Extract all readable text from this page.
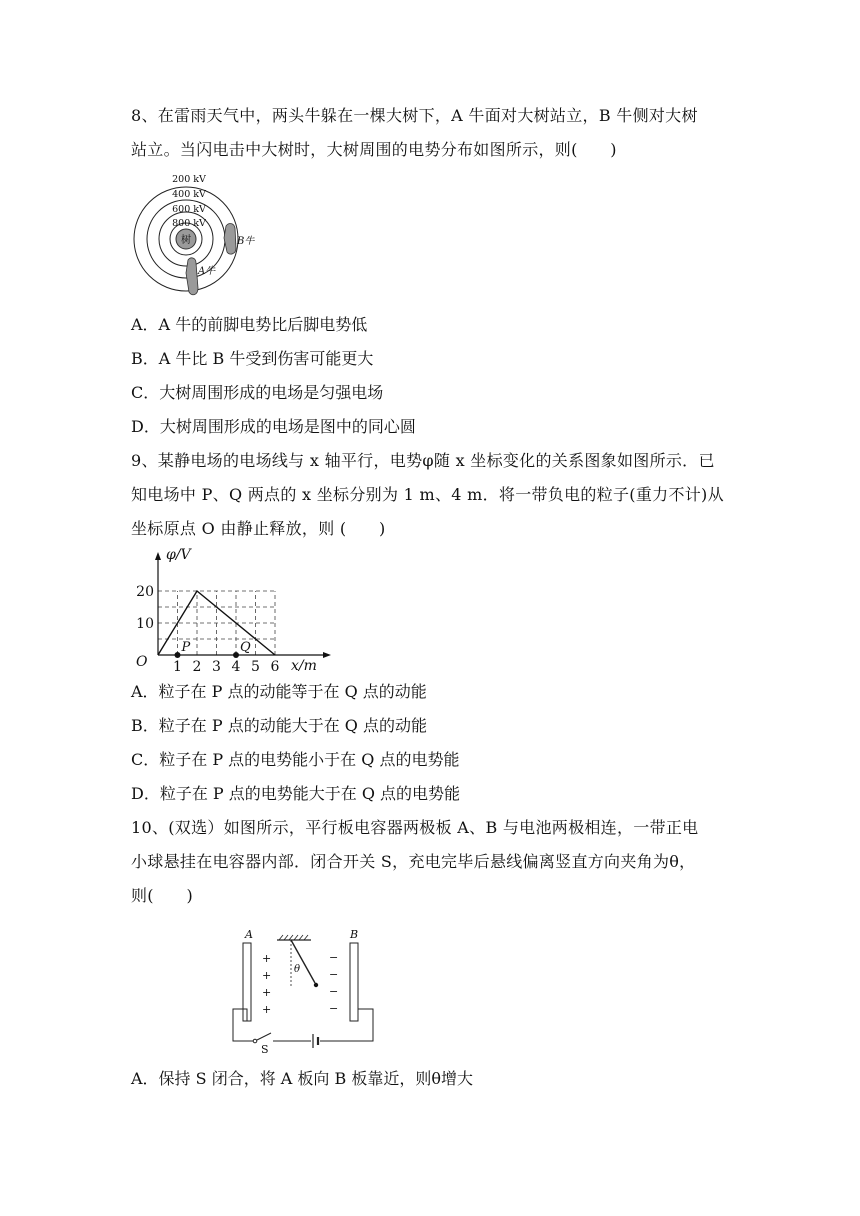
8、在雷雨天气中，两头牛躲在一棵大树下，A 牛面对大树站立，B 牛侧对大树
站立。当闪电击中大树时，大树周围的电势分布如图所示，则(　　)
树
200 kV
400 kV
600 kV
800 kV
B牛
A牛
A．A 牛的前脚电势比后脚电势低
B．A 牛比 B 牛受到伤害可能更大
C．大树周围形成的电场是匀强电场
D．大树周围形成的电场是图中的同心圆
9、某静电场的电场线与 x 轴平行，电势φ随 x 坐标变化的关系图象如图所示．已
知电场中 P、Q 两点的 x 坐标分别为 1 m、4 m．将一带负电的粒子(重力不计)从
坐标原点 O 由静止释放，则 (　　)
φ/V
x/m
O
10
20
1 2 3 4 5 6
P	Q
A．粒子在 P 点的动能等于在 Q 点的动能
B．粒子在 P 点的动能大于在 Q 点的动能
C．粒子在 P 点的电势能小于在 Q 点的电势能
D．粒子在 P 点的电势能大于在 Q 点的电势能
10、(双选）如图所示，平行板电容器两极板 A、B 与电池两极相连，一带正电
小球悬挂在电容器内部．闭合开关 S，充电完毕后悬线偏离竖直方向夹角为θ，
则(　　)
A	B
θ
+
+
+
+
−
−
−
−
S
A．保持 S 闭合，将 A 板向 B 板靠近，则θ增大
